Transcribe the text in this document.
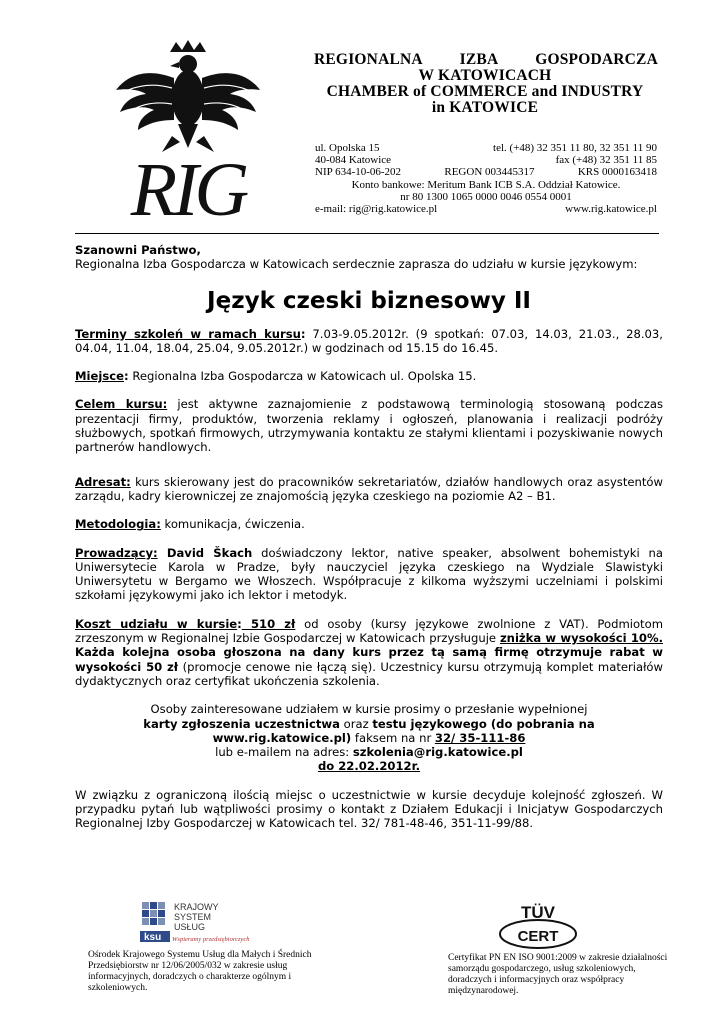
RIG
REGIONALNA IZBA GOSPODARCZA
W KATOWICACH
CHAMBER of COMMERCE and INDUSTRY
in KATOWICE
ul. Opolska 15	tel. (+48) 32 351 11 80, 32 351 11 90
40-084 Katowice	fax (+48) 32 351 11 85
NIP 634-10-06-202	REGON 003445317	KRS 0000163418
Konto bankowe: Meritum Bank ICB S.A. Oddział Katowice.
nr 80 1300 1065 0000 0046 0554 0001
e-mail: rig@rig.katowice.pl	www.rig.katowice.pl

Szanowni Państwo,

Regionalna Izba Gospodarcza w Katowicach serdecznie zaprasza do udziału w kursie językowym:

Język czeski biznesowy II

Terminy szkoleń w ramach kursu: 7.03-9.05.2012r. (9 spotkań: 07.03, 14.03, 21.03., 28.03, 04.04, 11.04, 18.04, 25.04, 9.05.2012r.) w godzinach od 15.15 do 16.45.

Miejsce: Regionalna Izba Gospodarcza w Katowicach ul. Opolska 15.

Celem kursu: jest aktywne zaznajomienie z podstawową terminologią stosowaną podczas prezentacji firmy, produktów, tworzenia reklamy i ogłoszeń, planowania i realizacji podróży służbowych, spotkań firmowych, utrzymywania kontaktu ze stałymi klientami i pozyskiwanie nowych partnerów handlowych.

Adresat: kurs skierowany jest do pracowników sekretariatów, działów handlowych oraz asystentów zarządu, kadry kierowniczej ze znajomością języka czeskiego na poziomie A2 – B1.

Metodologia: komunikacja, ćwiczenia.

Prowadzący: David Škach doświadczony lektor, native speaker, absolwent bohemistyki na Uniwersytecie Karola w Pradze, były nauczyciel języka czeskiego na Wydziale Slawistyki Uniwersytetu w Bergamo we Włoszech. Współpracuje z kilkoma wyższymi uczelniami i polskimi szkołami językowymi jako ich lektor i metodyk.

Koszt udziału w kursie: 510 zł od osoby (kursy językowe zwolnione z VAT). Podmiotom zrzeszonym w Regionalnej Izbie Gospodarczej w Katowicach przysługuje zniżka w wysokości 10%. Każda kolejna osoba głoszona na dany kurs przez tą samą firmę otrzymuje rabat w wysokości 50 zł (promocje cenowe nie łączą się). Uczestnicy kursu otrzymują komplet materiałów dydaktycznych oraz certyfikat ukończenia szkolenia.

Osoby zainteresowane udziałem w kursie prosimy o przesłanie wypełnionej

karty zgłoszenia uczestnictwa oraz testu językowego (do pobrania na www.rig.katowice.pl) faksem na nr 32/ 35-111-86

lub e-mailem na adres: szkolenia@rig.katowice.pl

do 22.02.2012r.

W związku z ograniczoną ilością miejsc o uczestnictwie w kursie decyduje kolejność zgłoszeń. W przypadku pytań lub wątpliwości prosimy o kontakt z Działem Edukacji i Inicjatyw Gospodarczych Regionalnej Izby Gospodarczej w Katowicach tel. 32/ 781-48-46, 351-11-99/88.

KRAJOWY
SYSTEM
USŁUG
ksu Wspieramy przedsiębiorczych
Ośrodek Krajowego Systemu Usług dla Małych i Średnich Przedsiębiorstw nr 12/06/2005/032 w zakresie usług informacyjnych, doradczych o charakterze ogólnym i szkoleniowych.
TÜV
CERT
Certyfikat PN EN ISO 9001:2009 w zakresie działalności samorządu gospodarczego, usług szkoleniowych, doradczych i informacyjnych oraz współpracy międzynarodowej.
